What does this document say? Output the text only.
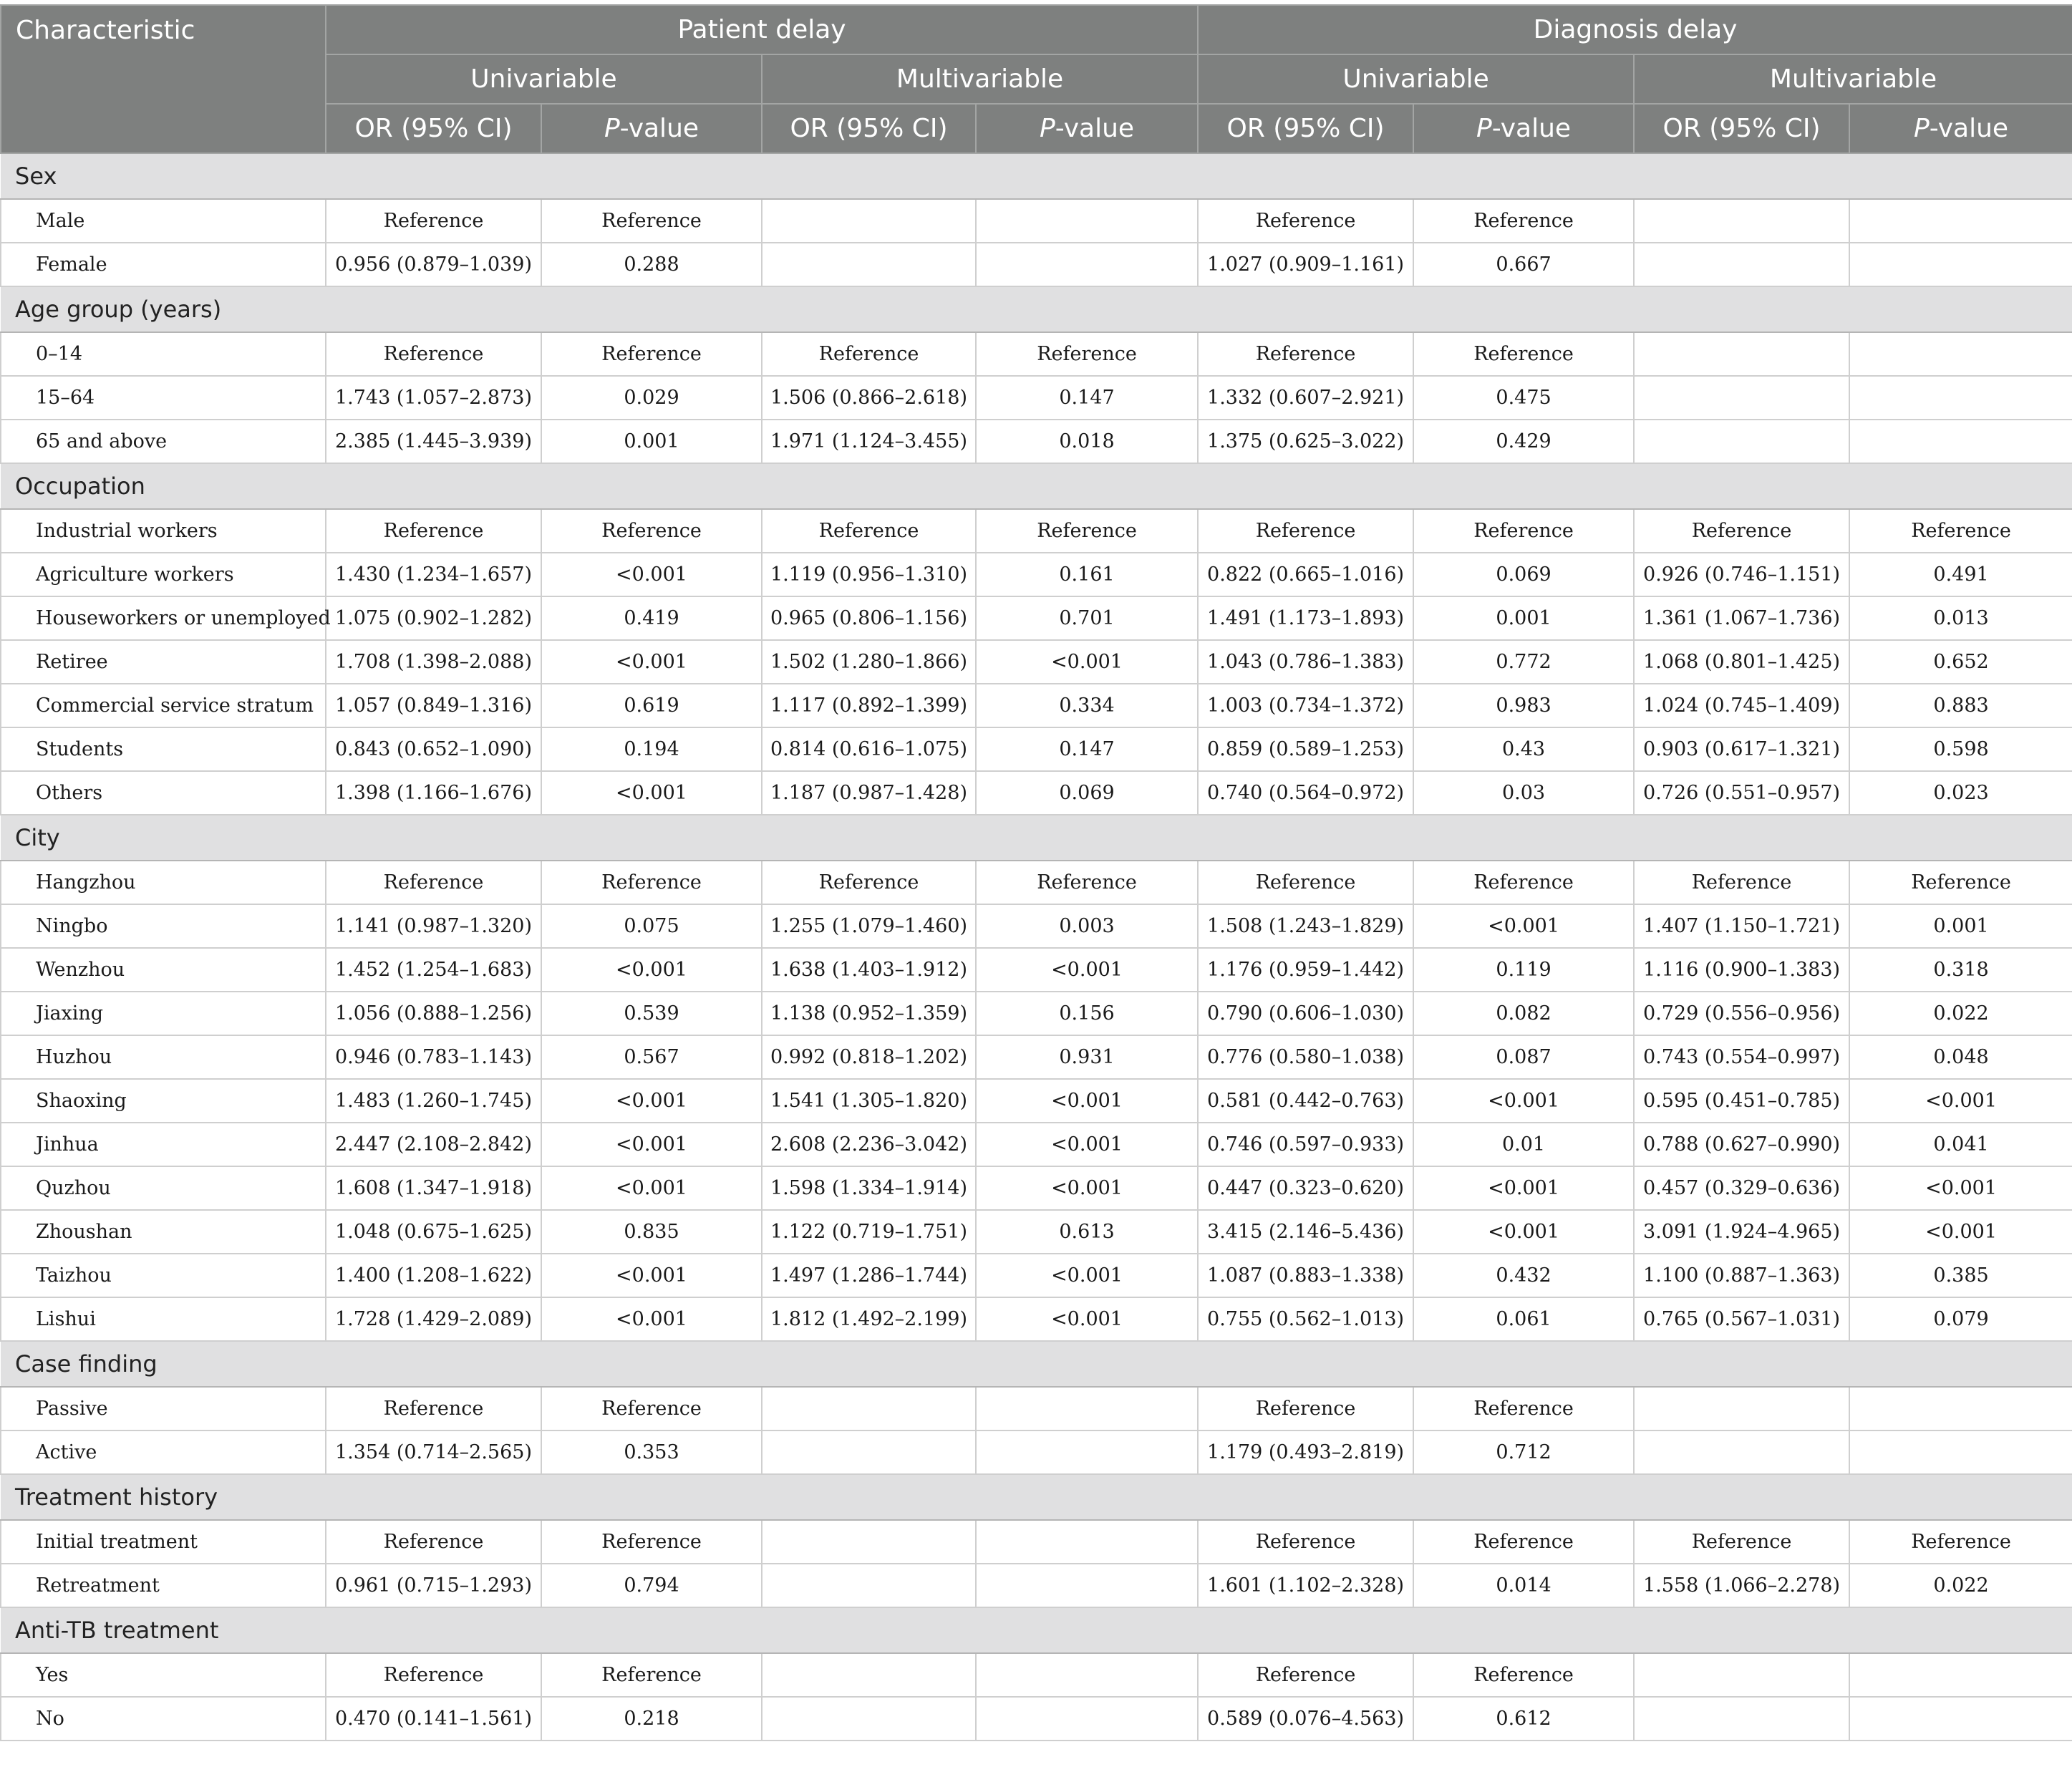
Characteristic	Patient delay				Diagnosis delay			
	Univariable		Multivariable		Univariable		Multivariable	
	OR (95% CI)	P-value	OR (95% CI)	P-value	OR (95% CI)	P-value	OR (95% CI)	P-value
Sex								
Male	Reference	Reference			Reference	Reference		
Female	0.956 (0.879–1.039)	0.288			1.027 (0.909–1.161)	0.667		
Age group (years)								
0–14	Reference	Reference	Reference	Reference	Reference	Reference		
15–64	1.743 (1.057–2.873)	0.029	1.506 (0.866–2.618)	0.147	1.332 (0.607–2.921)	0.475		
65 and above	2.385 (1.445–3.939)	0.001	1.971 (1.124–3.455)	0.018	1.375 (0.625–3.022)	0.429		
Occupation								
Industrial workers	Reference	Reference	Reference	Reference	Reference	Reference	Reference	Reference
Agriculture workers	1.430 (1.234–1.657)	<0.001	1.119 (0.956–1.310)	0.161	0.822 (0.665–1.016)	0.069	0.926 (0.746–1.151)	0.491
Houseworkers or unemployed	1.075 (0.902–1.282)	0.419	0.965 (0.806–1.156)	0.701	1.491 (1.173–1.893)	0.001	1.361 (1.067–1.736)	0.013
Retiree	1.708 (1.398–2.088)	<0.001	1.502 (1.280–1.866)	<0.001	1.043 (0.786–1.383)	0.772	1.068 (0.801–1.425)	0.652
Commercial service stratum	1.057 (0.849–1.316)	0.619	1.117 (0.892–1.399)	0.334	1.003 (0.734–1.372)	0.983	1.024 (0.745–1.409)	0.883
Students	0.843 (0.652–1.090)	0.194	0.814 (0.616–1.075)	0.147	0.859 (0.589–1.253)	0.43	0.903 (0.617–1.321)	0.598
Others	1.398 (1.166–1.676)	<0.001	1.187 (0.987–1.428)	0.069	0.740 (0.564–0.972)	0.03	0.726 (0.551–0.957)	0.023
City								
Hangzhou	Reference	Reference	Reference	Reference	Reference	Reference	Reference	Reference
Ningbo	1.141 (0.987–1.320)	0.075	1.255 (1.079–1.460)	0.003	1.508 (1.243–1.829)	<0.001	1.407 (1.150–1.721)	0.001
Wenzhou	1.452 (1.254–1.683)	<0.001	1.638 (1.403–1.912)	<0.001	1.176 (0.959–1.442)	0.119	1.116 (0.900–1.383)	0.318
Jiaxing	1.056 (0.888–1.256)	0.539	1.138 (0.952–1.359)	0.156	0.790 (0.606–1.030)	0.082	0.729 (0.556–0.956)	0.022
Huzhou	0.946 (0.783–1.143)	0.567	0.992 (0.818–1.202)	0.931	0.776 (0.580–1.038)	0.087	0.743 (0.554–0.997)	0.048
Shaoxing	1.483 (1.260–1.745)	<0.001	1.541 (1.305–1.820)	<0.001	0.581 (0.442–0.763)	<0.001	0.595 (0.451–0.785)	<0.001
Jinhua	2.447 (2.108–2.842)	<0.001	2.608 (2.236–3.042)	<0.001	0.746 (0.597–0.933)	0.01	0.788 (0.627–0.990)	0.041
Quzhou	1.608 (1.347–1.918)	<0.001	1.598 (1.334–1.914)	<0.001	0.447 (0.323–0.620)	<0.001	0.457 (0.329–0.636)	<0.001
Zhoushan	1.048 (0.675–1.625)	0.835	1.122 (0.719–1.751)	0.613	3.415 (2.146–5.436)	<0.001	3.091 (1.924–4.965)	<0.001
Taizhou	1.400 (1.208–1.622)	<0.001	1.497 (1.286–1.744)	<0.001	1.087 (0.883–1.338)	0.432	1.100 (0.887–1.363)	0.385
Lishui	1.728 (1.429–2.089)	<0.001	1.812 (1.492–2.199)	<0.001	0.755 (0.562–1.013)	0.061	0.765 (0.567–1.031)	0.079
Case finding								
Passive	Reference	Reference			Reference	Reference		
Active	1.354 (0.714–2.565)	0.353			1.179 (0.493–2.819)	0.712		
Treatment history								
Initial treatment	Reference	Reference			Reference	Reference	Reference	Reference
Retreatment	0.961 (0.715–1.293)	0.794			1.601 (1.102–2.328)	0.014	1.558 (1.066–2.278)	0.022
Anti-TB treatment								
Yes	Reference	Reference			Reference	Reference		
No	0.470 (0.141–1.561)	0.218			0.589 (0.076–4.563)	0.612		
